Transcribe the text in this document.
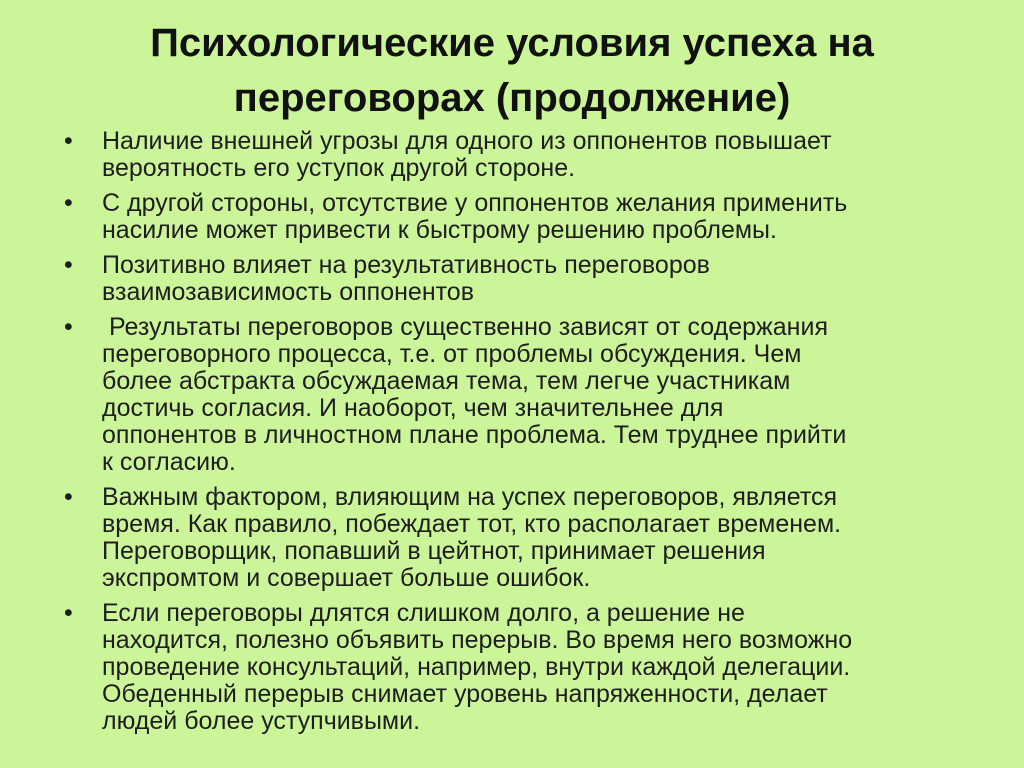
Психологические условия успеха на
переговорах (продолжение)
•	Наличие внешней угрозы для одного из оппонентов повышает
вероятность его уступок другой стороне.
•	С другой стороны, отсутствие у оппонентов желания применить
насилие может привести к быстрому решению проблемы.
•	Позитивно влияет на результативность переговоров
взаимозависимость оппонентов
•	Результаты переговоров существенно зависят от содержания
переговорного процесса, т.е. от проблемы обсуждения. Чем
более абстракта обсуждаемая тема, тем легче участникам
достичь согласия. И наоборот, чем значительнее для
оппонентов в личностном плане проблема. Тем труднее прийти
к согласию.
•	Важным фактором, влияющим на успех переговоров, является
время. Как правило, побеждает тот, кто располагает временем.
Переговорщик, попавший в цейтнот, принимает решения
экспромтом и совершает больше ошибок.
•	Если переговоры длятся слишком долго, а решение не
находится, полезно объявить перерыв. Во время него возможно
проведение консультаций, например, внутри каждой делегации.
Обеденный перерыв снимает уровень напряженности, делает
людей более уступчивыми.
